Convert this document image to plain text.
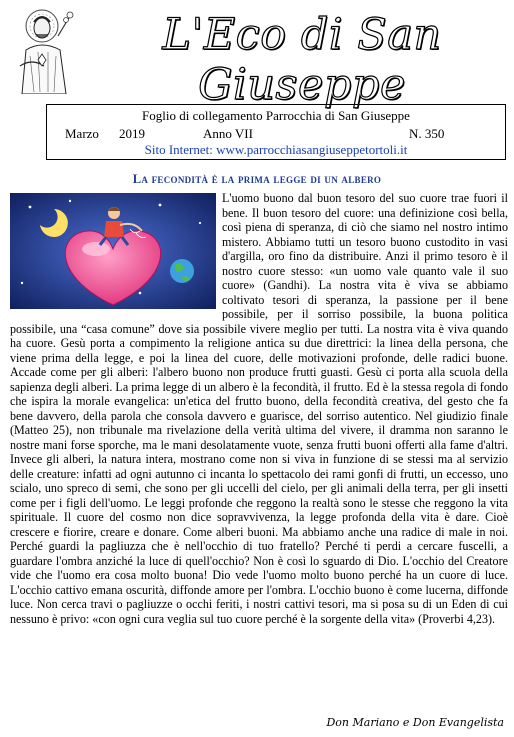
L'Eco di San Giuseppe
Foglio di collegamento Parrocchia di San Giuseppe
Marzo 2019	Anno VII	N. 350
Sito Internet: www.parrocchiasangiuseppetortoli.it
La fecondità è la prima legge di un albero

L'uomo buono dal buon tesoro del suo cuore trae fuori il bene. Il buon tesoro del cuore: una definizione così bella, così piena di speranza, di ciò che siamo nel nostro intimo mistero. Abbiamo tutti un tesoro buono custodito in vasi d'argilla, oro fino da distribuire. Anzi il primo tesoro è il nostro cuore stesso: «un uomo vale quanto vale il suo cuore» (Gandhi). La nostra vita è viva se abbiamo coltivato tesori di speranza, la passione per il bene possibile, per il sorriso possibile, la buona politica possibile, una “casa comune” dove sia possibile vivere meglio per tutti. La nostra vita è viva quando ha cuore. Gesù porta a compimento la religione antica su due direttrici: la linea della persona, che viene prima della legge, e poi la linea del cuore, delle motivazioni profonde, delle radici buone. Accade come per gli alberi: l'albero buono non produce frutti guasti. Gesù ci porta alla scuola della sapienza degli alberi. La prima legge di un albero è la fecondità, il frutto. Ed è la stessa regola di fondo che ispira la morale evangelica: un'etica del frutto buono, della fecondità creativa, del gesto che fa bene davvero, della parola che consola davvero e guarisce, del sorriso autentico. Nel giudizio finale (Matteo 25), non tribunale ma rivelazione della verità ultima del vivere, il dramma non saranno le nostre mani forse sporche, ma le mani desolatamente vuote, senza frutti buoni offerti alla fame d'altri. Invece gli alberi, la natura intera, mostrano come non si viva in funzione di se stessi ma al servizio delle creature: infatti ad ogni autunno ci incanta lo spettacolo dei rami gonfi di frutti, un eccesso, uno scialo, uno spreco di semi, che sono per gli uccelli del cielo, per gli animali della terra, per gli insetti come per i figli dell'uomo. Le leggi profonde che reggono la realtà sono le stesse che reggono la vita spirituale. Il cuore del cosmo non dice sopravvivenza, la legge profonda della vita è dare. Cioè crescere e fiorire, creare e donare. Come alberi buoni. Ma abbiamo anche una radice di male in noi. Perché guardi la pagliuzza che è nell'occhio di tuo fratello? Perché ti perdi a cercare fuscelli, a guardare l'ombra anziché la luce di quell'occhio? Non è così lo sguardo di Dio. L'occhio del Creatore vide che l'uomo era cosa molto buona! Dio vede l'uomo molto buono perché ha un cuore di luce. L'occhio cattivo emana oscurità, diffonde amore per l'ombra. L'occhio buono è come lucerna, diffonde luce. Non cerca travi o pagliuzze o occhi feriti, i nostri cattivi tesori, ma si posa su di un Eden di cui nessuno è privo: «con ogni cura veglia sul tuo cuore perché è la sorgente della vita» (Proverbi 4,23).

Don Mariano e Don Evangelista
